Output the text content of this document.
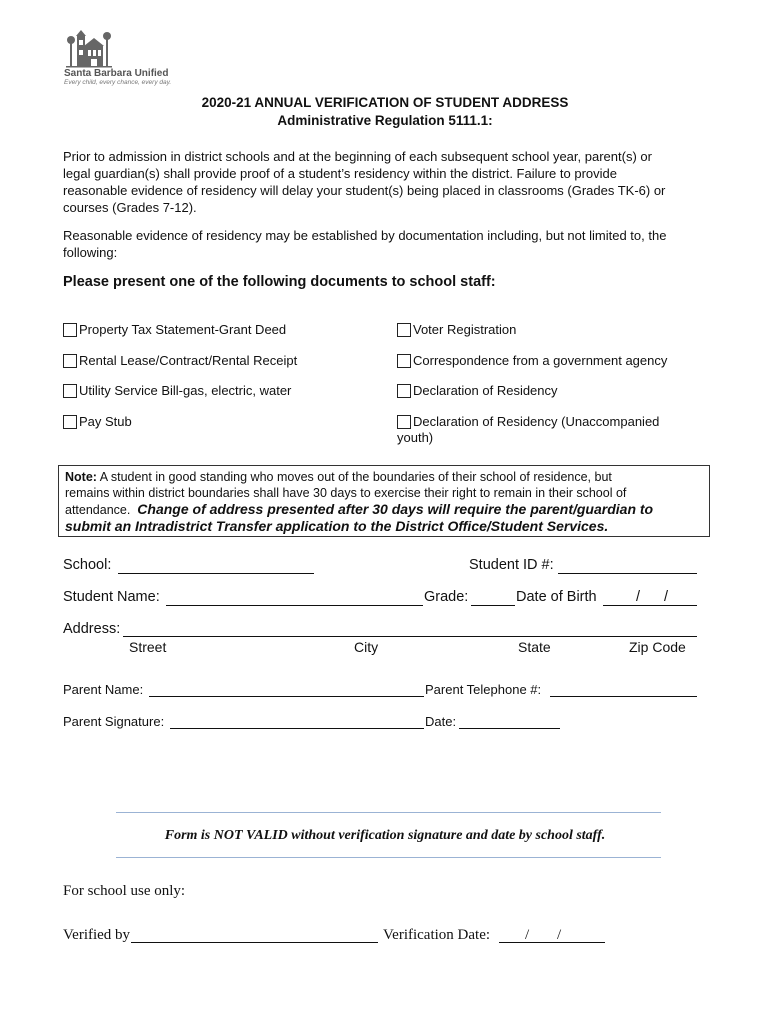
Santa Barbara Unified
Every child, every chance, every day.
2020-21 ANNUAL VERIFICATION OF STUDENT ADDRESS
Administrative Regulation 5111.1:
Prior to admission in district schools and at the beginning of each subsequent school year, parent(s) or
legal guardian(s) shall provide proof of a student’s residency within the district. Failure to provide
reasonable evidence of residency will delay your student(s) being placed in classrooms (Grades TK-6) or
courses (Grades 7-12).
Reasonable evidence of residency may be established by documentation including, but not limited to, the
following:
Please present one of the following documents to school staff:
Property Tax Statement-Grant Deed
Rental Lease/Contract/Rental Receipt
Utility Service Bill-gas, electric, water
Pay Stub
Voter Registration
Correspondence from a government agency
Declaration of Residency
Declaration of Residency (Unaccompanied
youth)
Note: A student in good standing who moves out of the boundaries of their school of residence, but
remains within district boundaries shall have 30 days to exercise their right to remain in their school of
attendance. Change of address presented after 30 days will require the parent/guardian to
submit an Intradistrict Transfer application to the District Office/Student Services.
School:	Student ID #:
Student Name:	Grade:	Date of Birth	/ /
Address:
Street	City	State	Zip Code
Parent Name:	Parent Telephone #:
Parent Signature:	Date:
Form is NOT VALID without verification signature and date by school staff.
For school use only:
Verified by	Verification Date: / /
